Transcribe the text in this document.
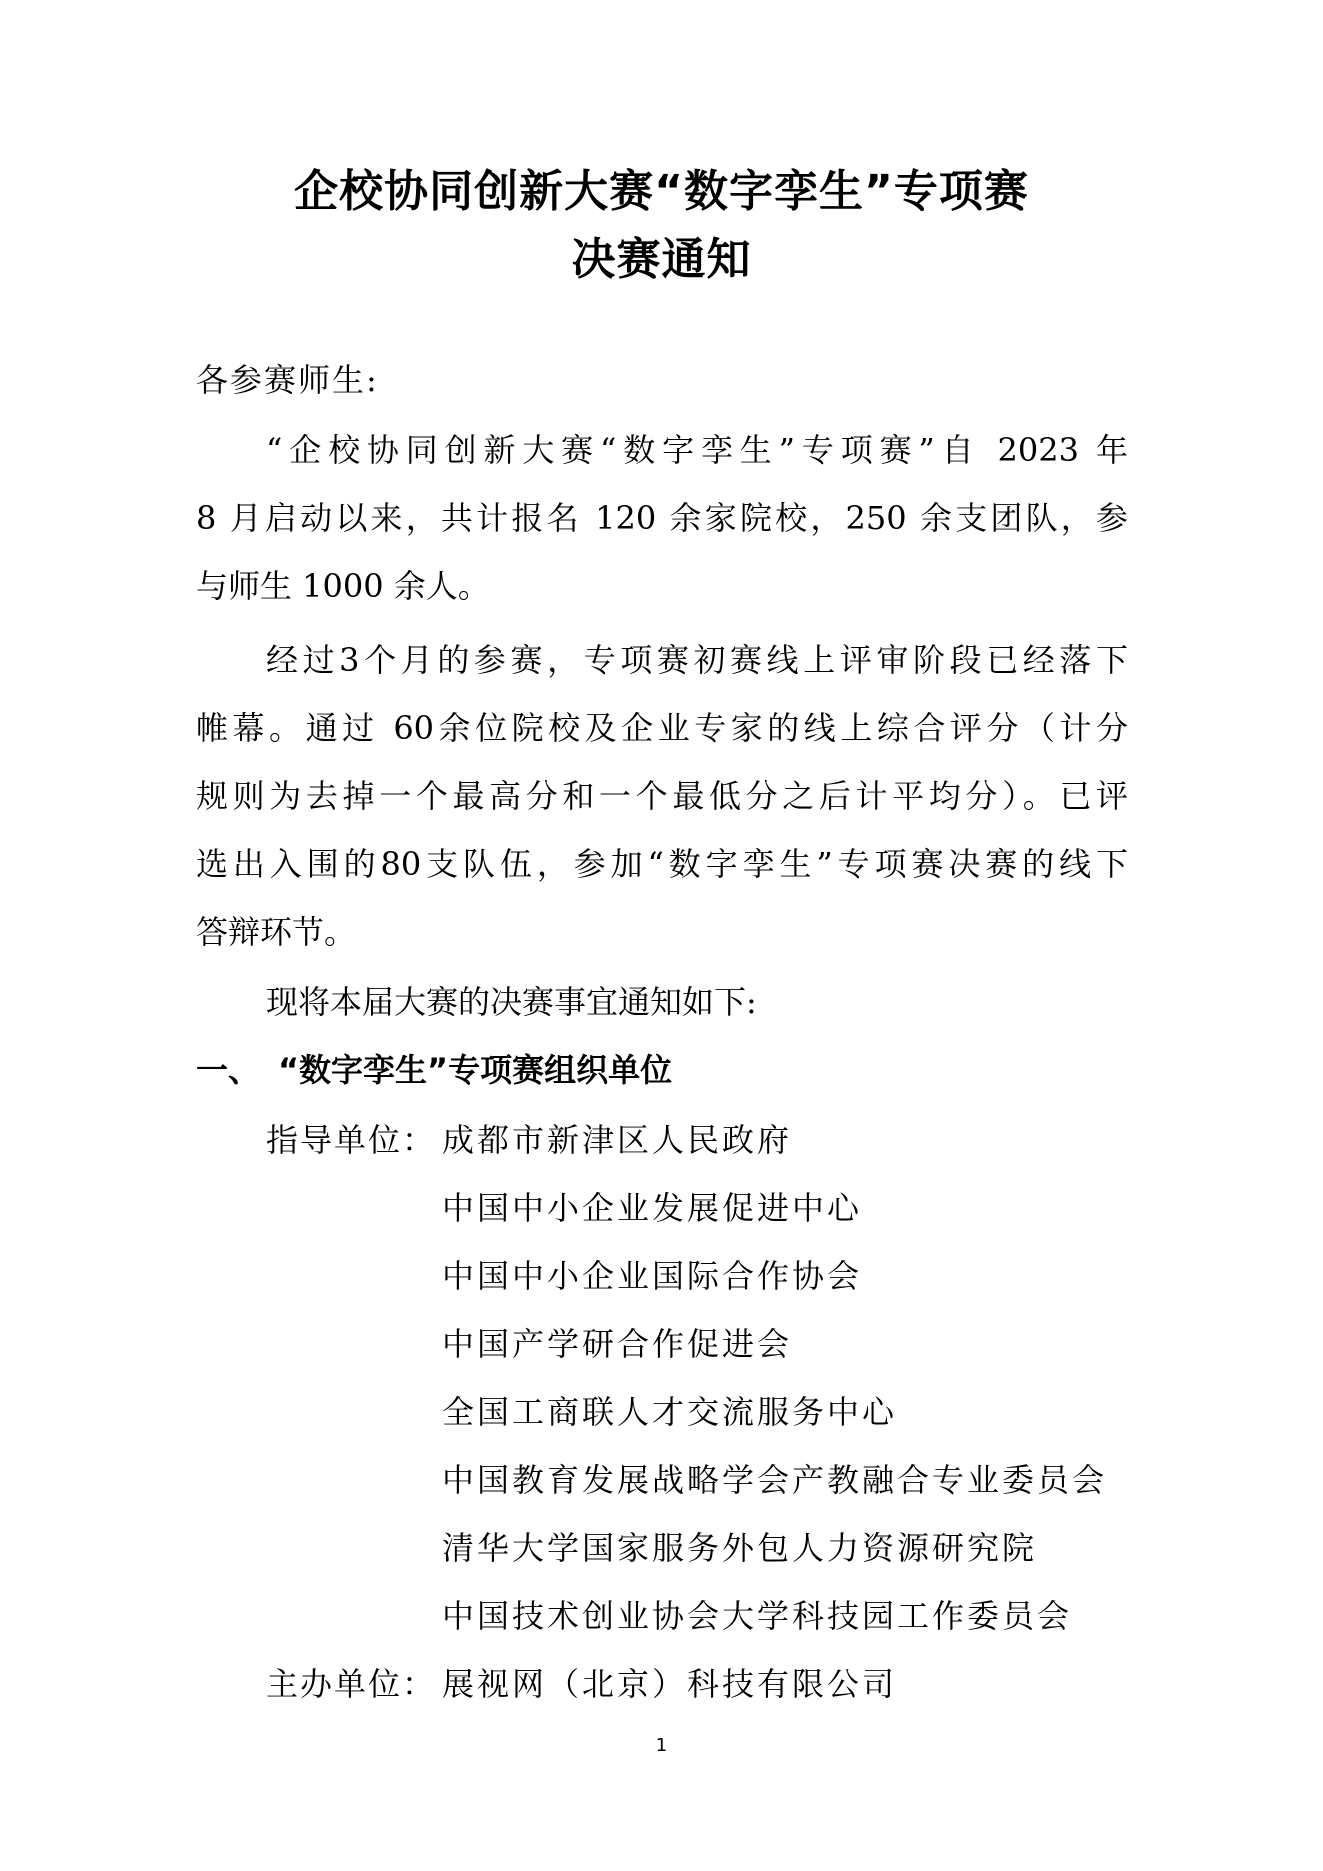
企校协同创新大赛“数字孪生”专项赛
决赛通知
各参赛师生:
“企校协同创新大赛“数字孪生”专项赛”自 2023 年
8 月启动以来，共计报名 120 余家院校，250 余支团队，参
与师生 1000 余人。
经过3个月的参赛，专项赛初赛线上评审阶段已经落下
帷幕。通过 60余位院校及企业专家的线上综合评分（计分
规则为去掉一个最高分和一个最低分之后计平均分）。已评
选出入围的80支队伍，参加“数字孪生”专项赛决赛的线下
答辩环节。
现将本届大赛的决赛事宜通知如下:
一、 “数字孪生”专项赛组织单位
指导单位： 成都市新津区人民政府
中国中小企业发展促进中心
中国中小企业国际合作协会
中国产学研合作促进会
全国工商联人才交流服务中心
中国教育发展战略学会产教融合专业委员会
清华大学国家服务外包人力资源研究院
中国技术创业协会大学科技园工作委员会
主办单位： 展视网（北京）科技有限公司
1
